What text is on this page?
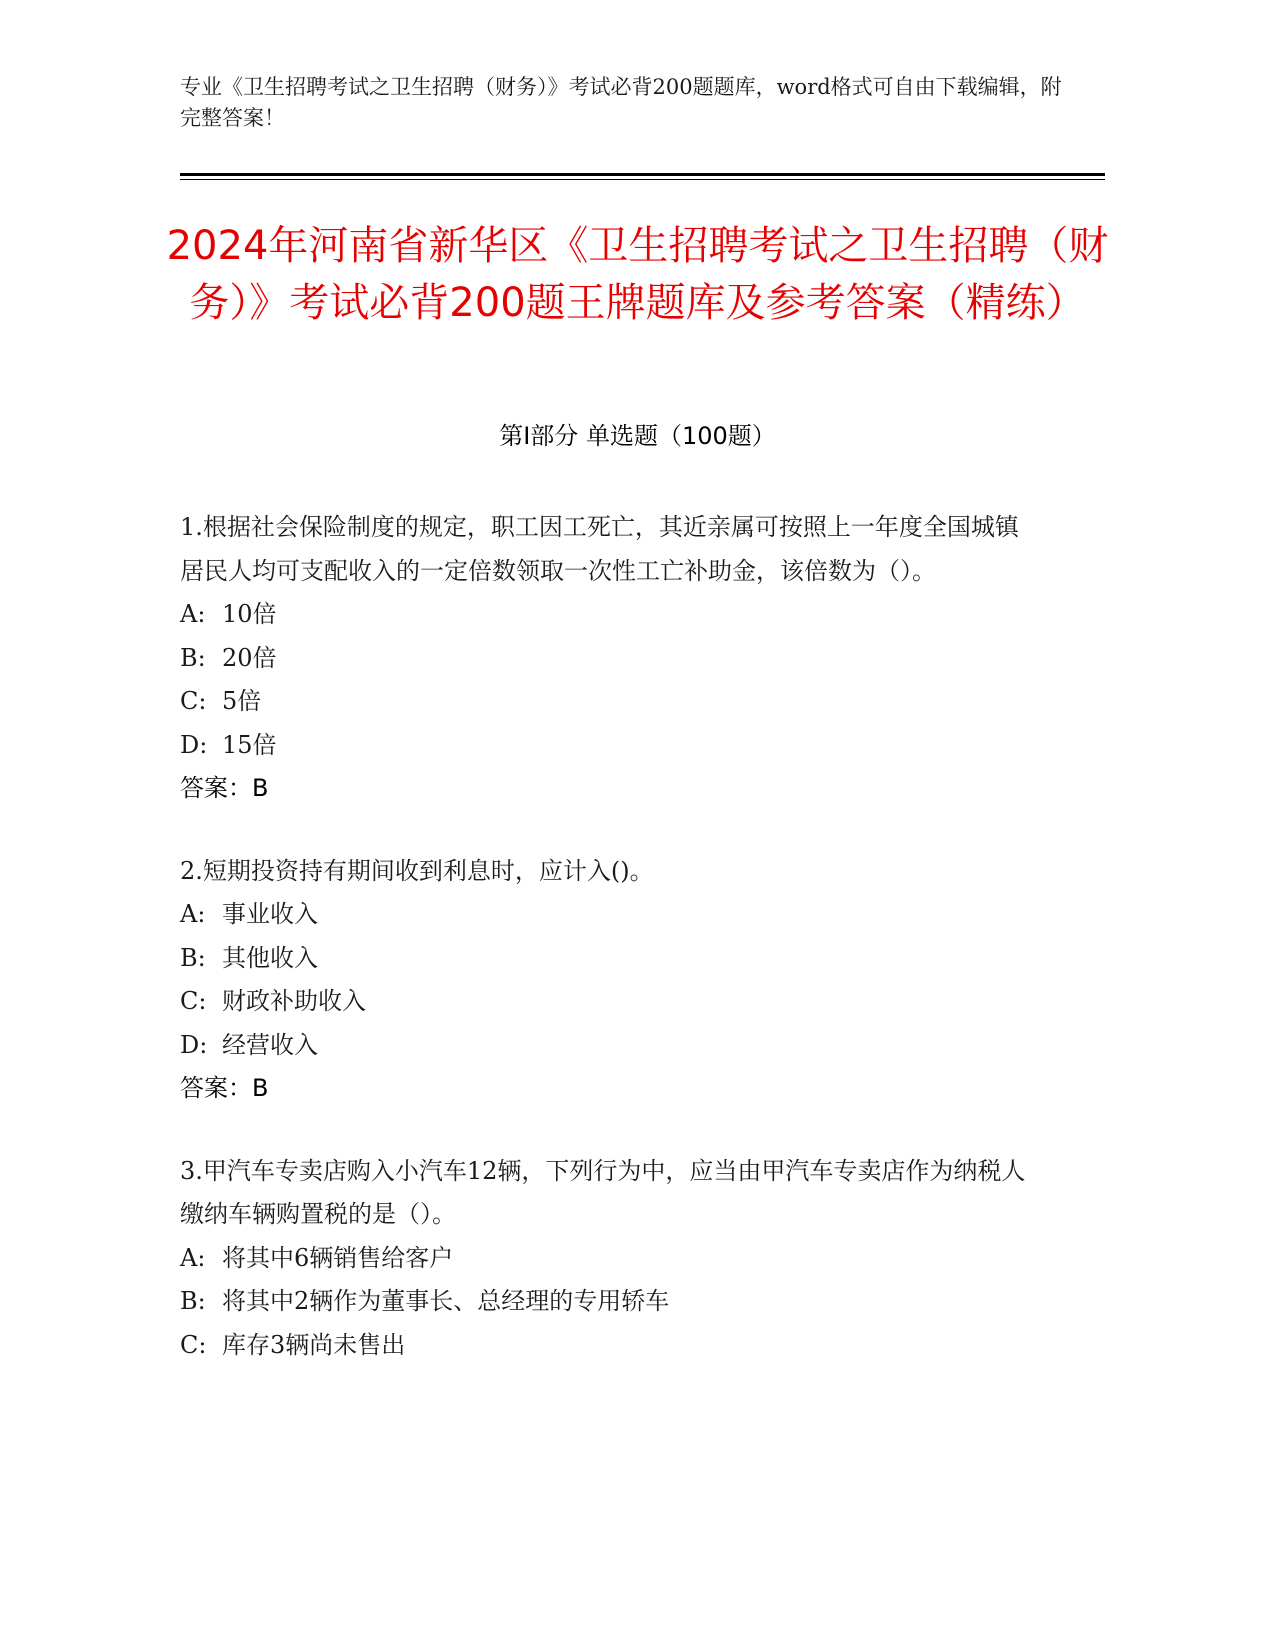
专业《卫生招聘考试之卫生招聘（财务）》考试必背200题题库，word格式可自由下载编辑，附完整答案！
2024年河南省新华区《卫生招聘考试之卫生招聘（财务）》考试必背200题王牌题库及参考答案（精练）
第I部分 单选题（100题）

1.根据社会保险制度的规定，职工因工死亡，其近亲属可按照上一年度全国城镇居民人均可支配收入的一定倍数领取一次性工亡补助金，该倍数为（）。

A: 10倍

B: 20倍

C: 5倍

D: 15倍

答案：B

2.短期投资持有期间收到利息时，应计入()。

A: 事业收入

B: 其他收入

C: 财政补助收入

D: 经营收入

答案：B

3.甲汽车专卖店购入小汽车12辆，下列行为中，应当由甲汽车专卖店作为纳税人缴纳车辆购置税的是（）。

A: 将其中6辆销售给客户

B: 将其中2辆作为董事长、总经理的专用轿车

C: 库存3辆尚未售出
